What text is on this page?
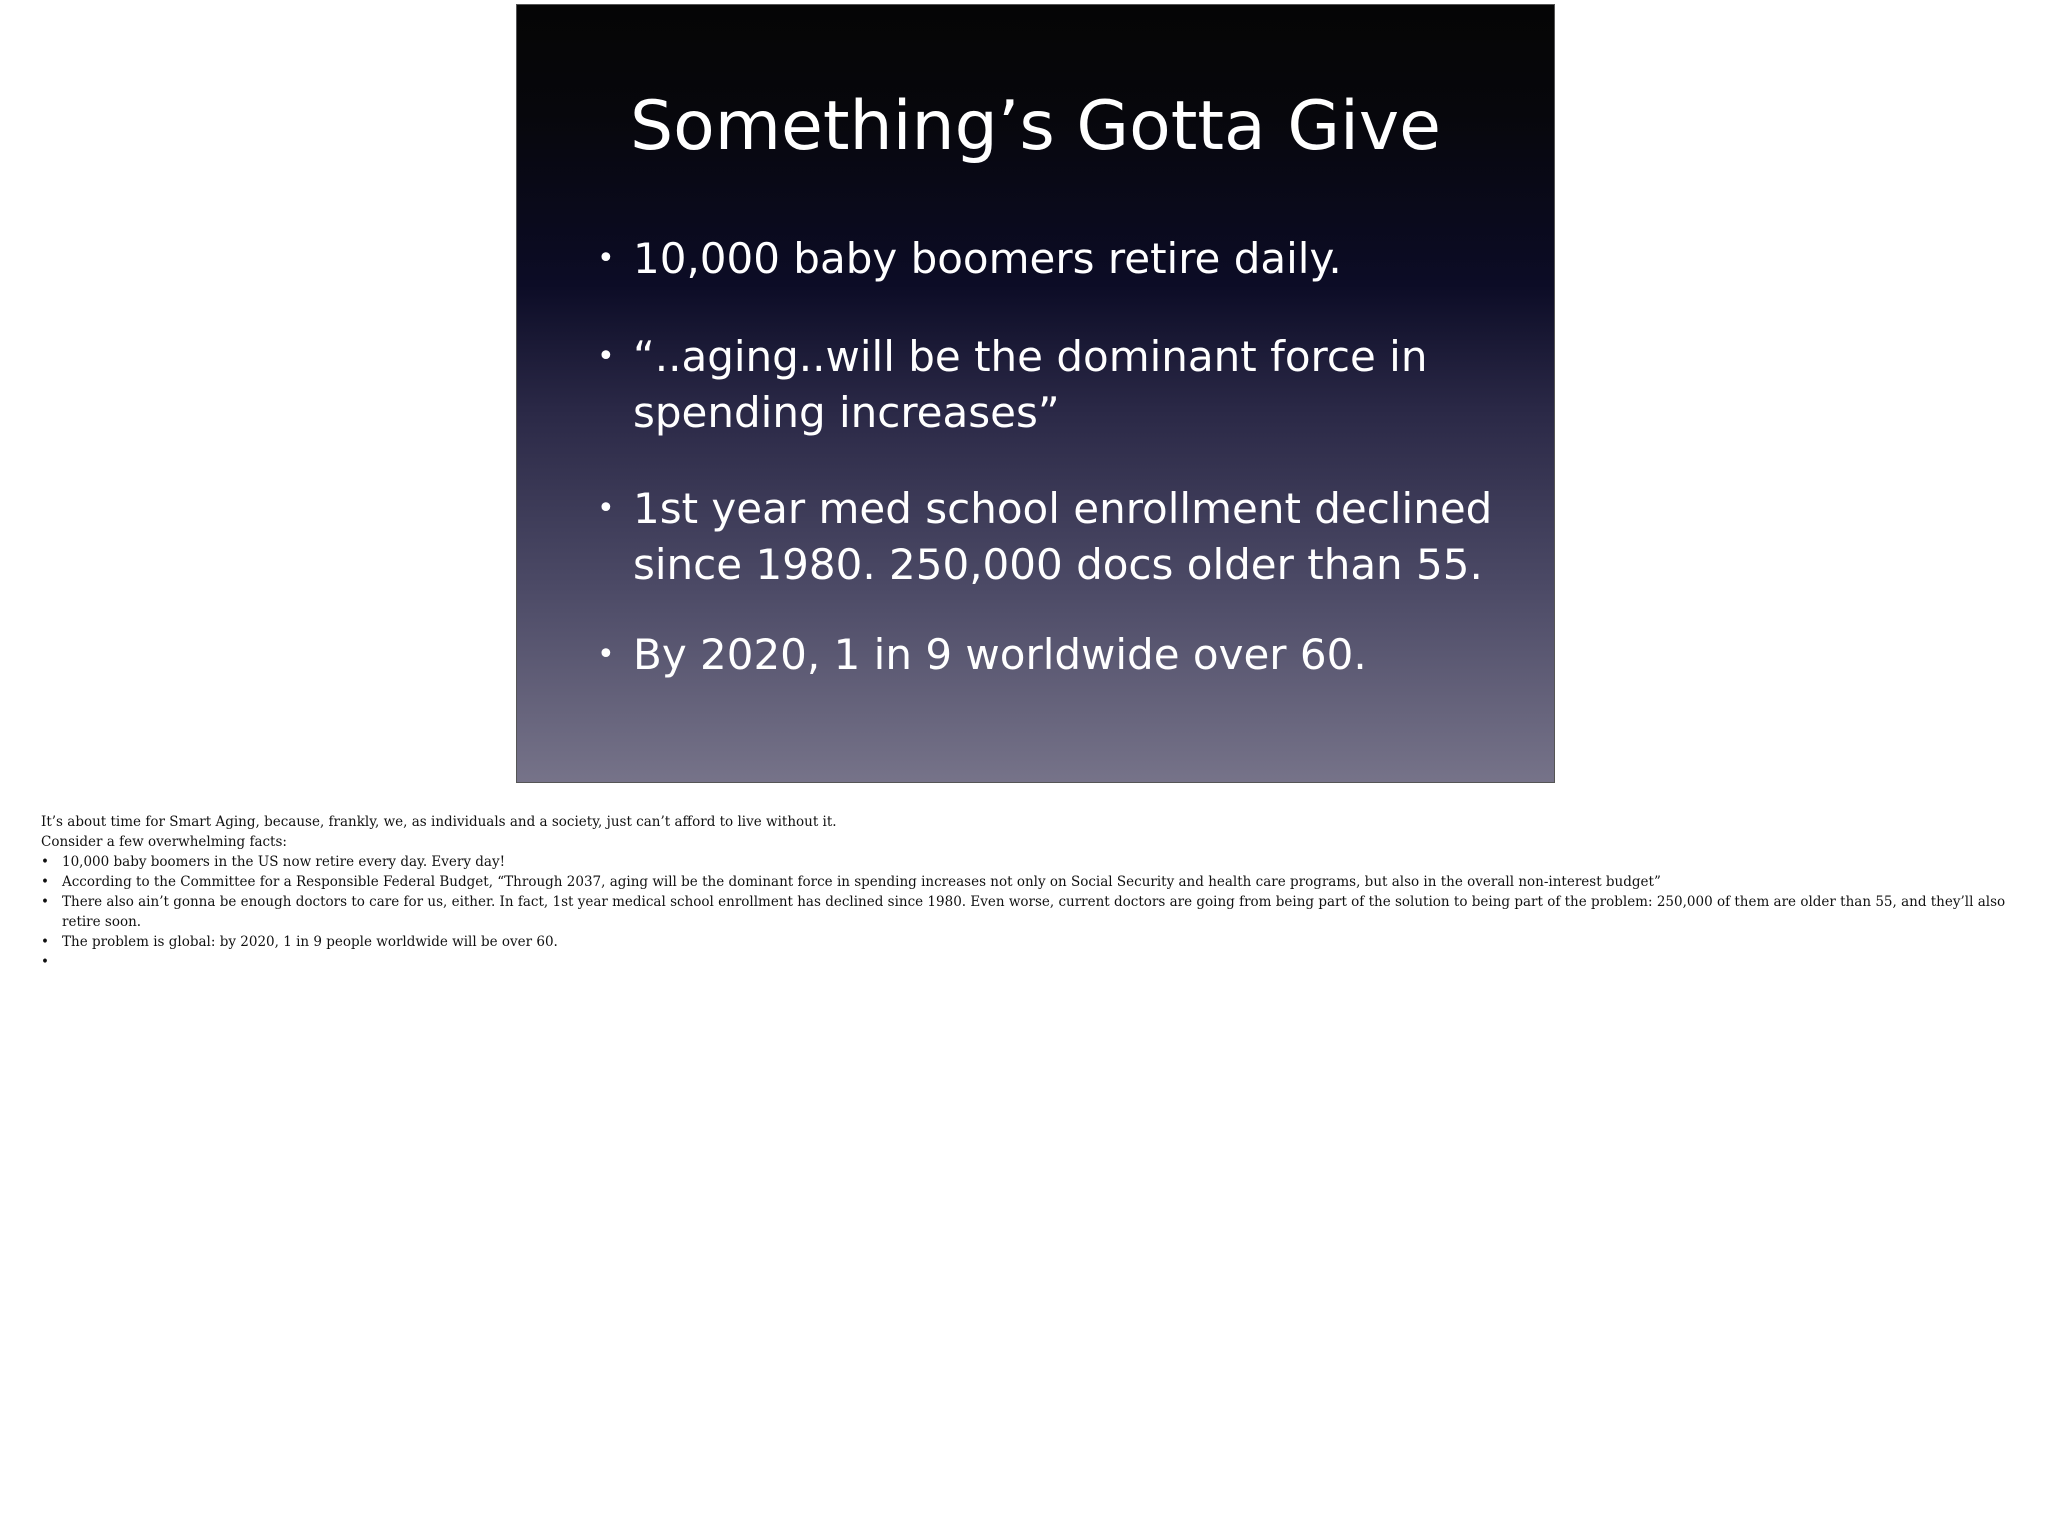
Something’s Gotta Give
• 10,000 baby boomers retire daily.
• “..aging..will be the dominant force in spending increases”
• 1st year med school enrollment declined since 1980. 250,000 docs older than 55.
• By 2020, 1 in 9 worldwide over 60.

It’s about time for Smart Aging, because, frankly, we, as individuals and a society, just can’t afford to live without it.

Consider a few overwhelming facts:

• 10,000 baby boomers in the US now retire every day. Every day!
• According to the Committee for a Responsible Federal Budget, “Through 2037, aging will be the dominant force in spending increases not only on Social Security and health care programs, but also in the overall non-interest budget”
• There also ain’t gonna be enough doctors to care for us, either. In fact, 1st year medical school enrollment has declined since 1980. Even worse, current doctors are going from being part of the solution to being part of the problem: 250,000 of them are older than 55, and they’ll also retire soon.
• The problem is global: by 2020, 1 in 9 people worldwide will be over 60.
•
